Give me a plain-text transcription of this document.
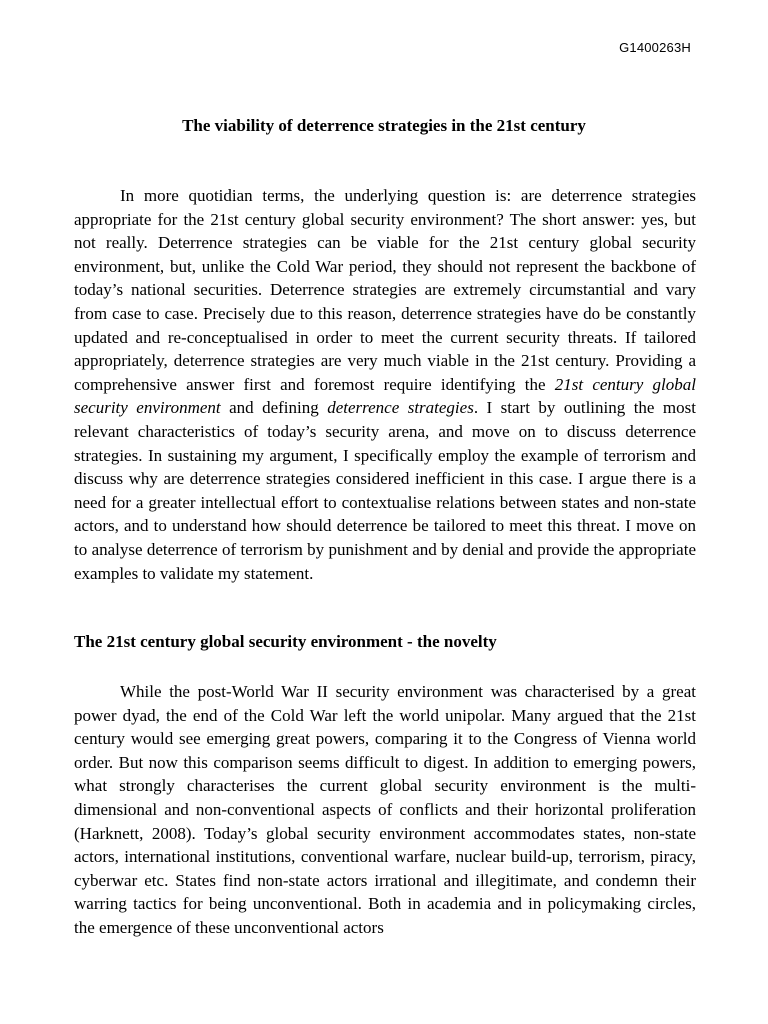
G1400263H
The viability of deterrence strategies in the 21st century

In more quotidian terms, the underlying question is: are deterrence strategies appropriate for the 21st century global security environment? The short answer: yes, but not really. Deterrence strategies can be viable for the 21st century global security environment, but, unlike the Cold War period, they should not represent the backbone of today’s national securities. Deterrence strategies are extremely circumstantial and vary from case to case. Precisely due to this reason, deterrence strategies have do be constantly updated and re-conceptualised in order to meet the current security threats. If tailored appropriately, deterrence strategies are very much viable in the 21st century. Providing a comprehensive answer first and foremost require identifying the 21st century global security environment and defining deterrence strategies. I start by outlining the most relevant characteristics of today’s security arena, and move on to discuss deterrence strategies. In sustaining my argument, I specifically employ the example of terrorism and discuss why are deterrence strategies considered inefficient in this case. I argue there is a need for a greater intellectual effort to contextualise relations between states and non-state actors, and to understand how should deterrence be tailored to meet this threat. I move on to analyse deterrence of terrorism by punishment and by denial and provide the appropriate examples to validate my statement.

The 21st century global security environment - the novelty

While the post-World War II security environment was characterised by a great power dyad, the end of the Cold War left the world unipolar. Many argued that the 21st century would see emerging great powers, comparing it to the Congress of Vienna world order. But now this comparison seems difficult to digest. In addition to emerging powers, what strongly characterises the current global security environment is the multi-dimensional and non-conventional aspects of conflicts and their horizontal proliferation (Harknett, 2008). Today’s global security environment accommodates states, non-state actors, international institutions, conventional warfare, nuclear build-up, terrorism, piracy, cyberwar etc. States find non-state actors irrational and illegitimate, and condemn their warring tactics for being unconventional. Both in academia and in policymaking circles, the emergence of these unconventional actors
